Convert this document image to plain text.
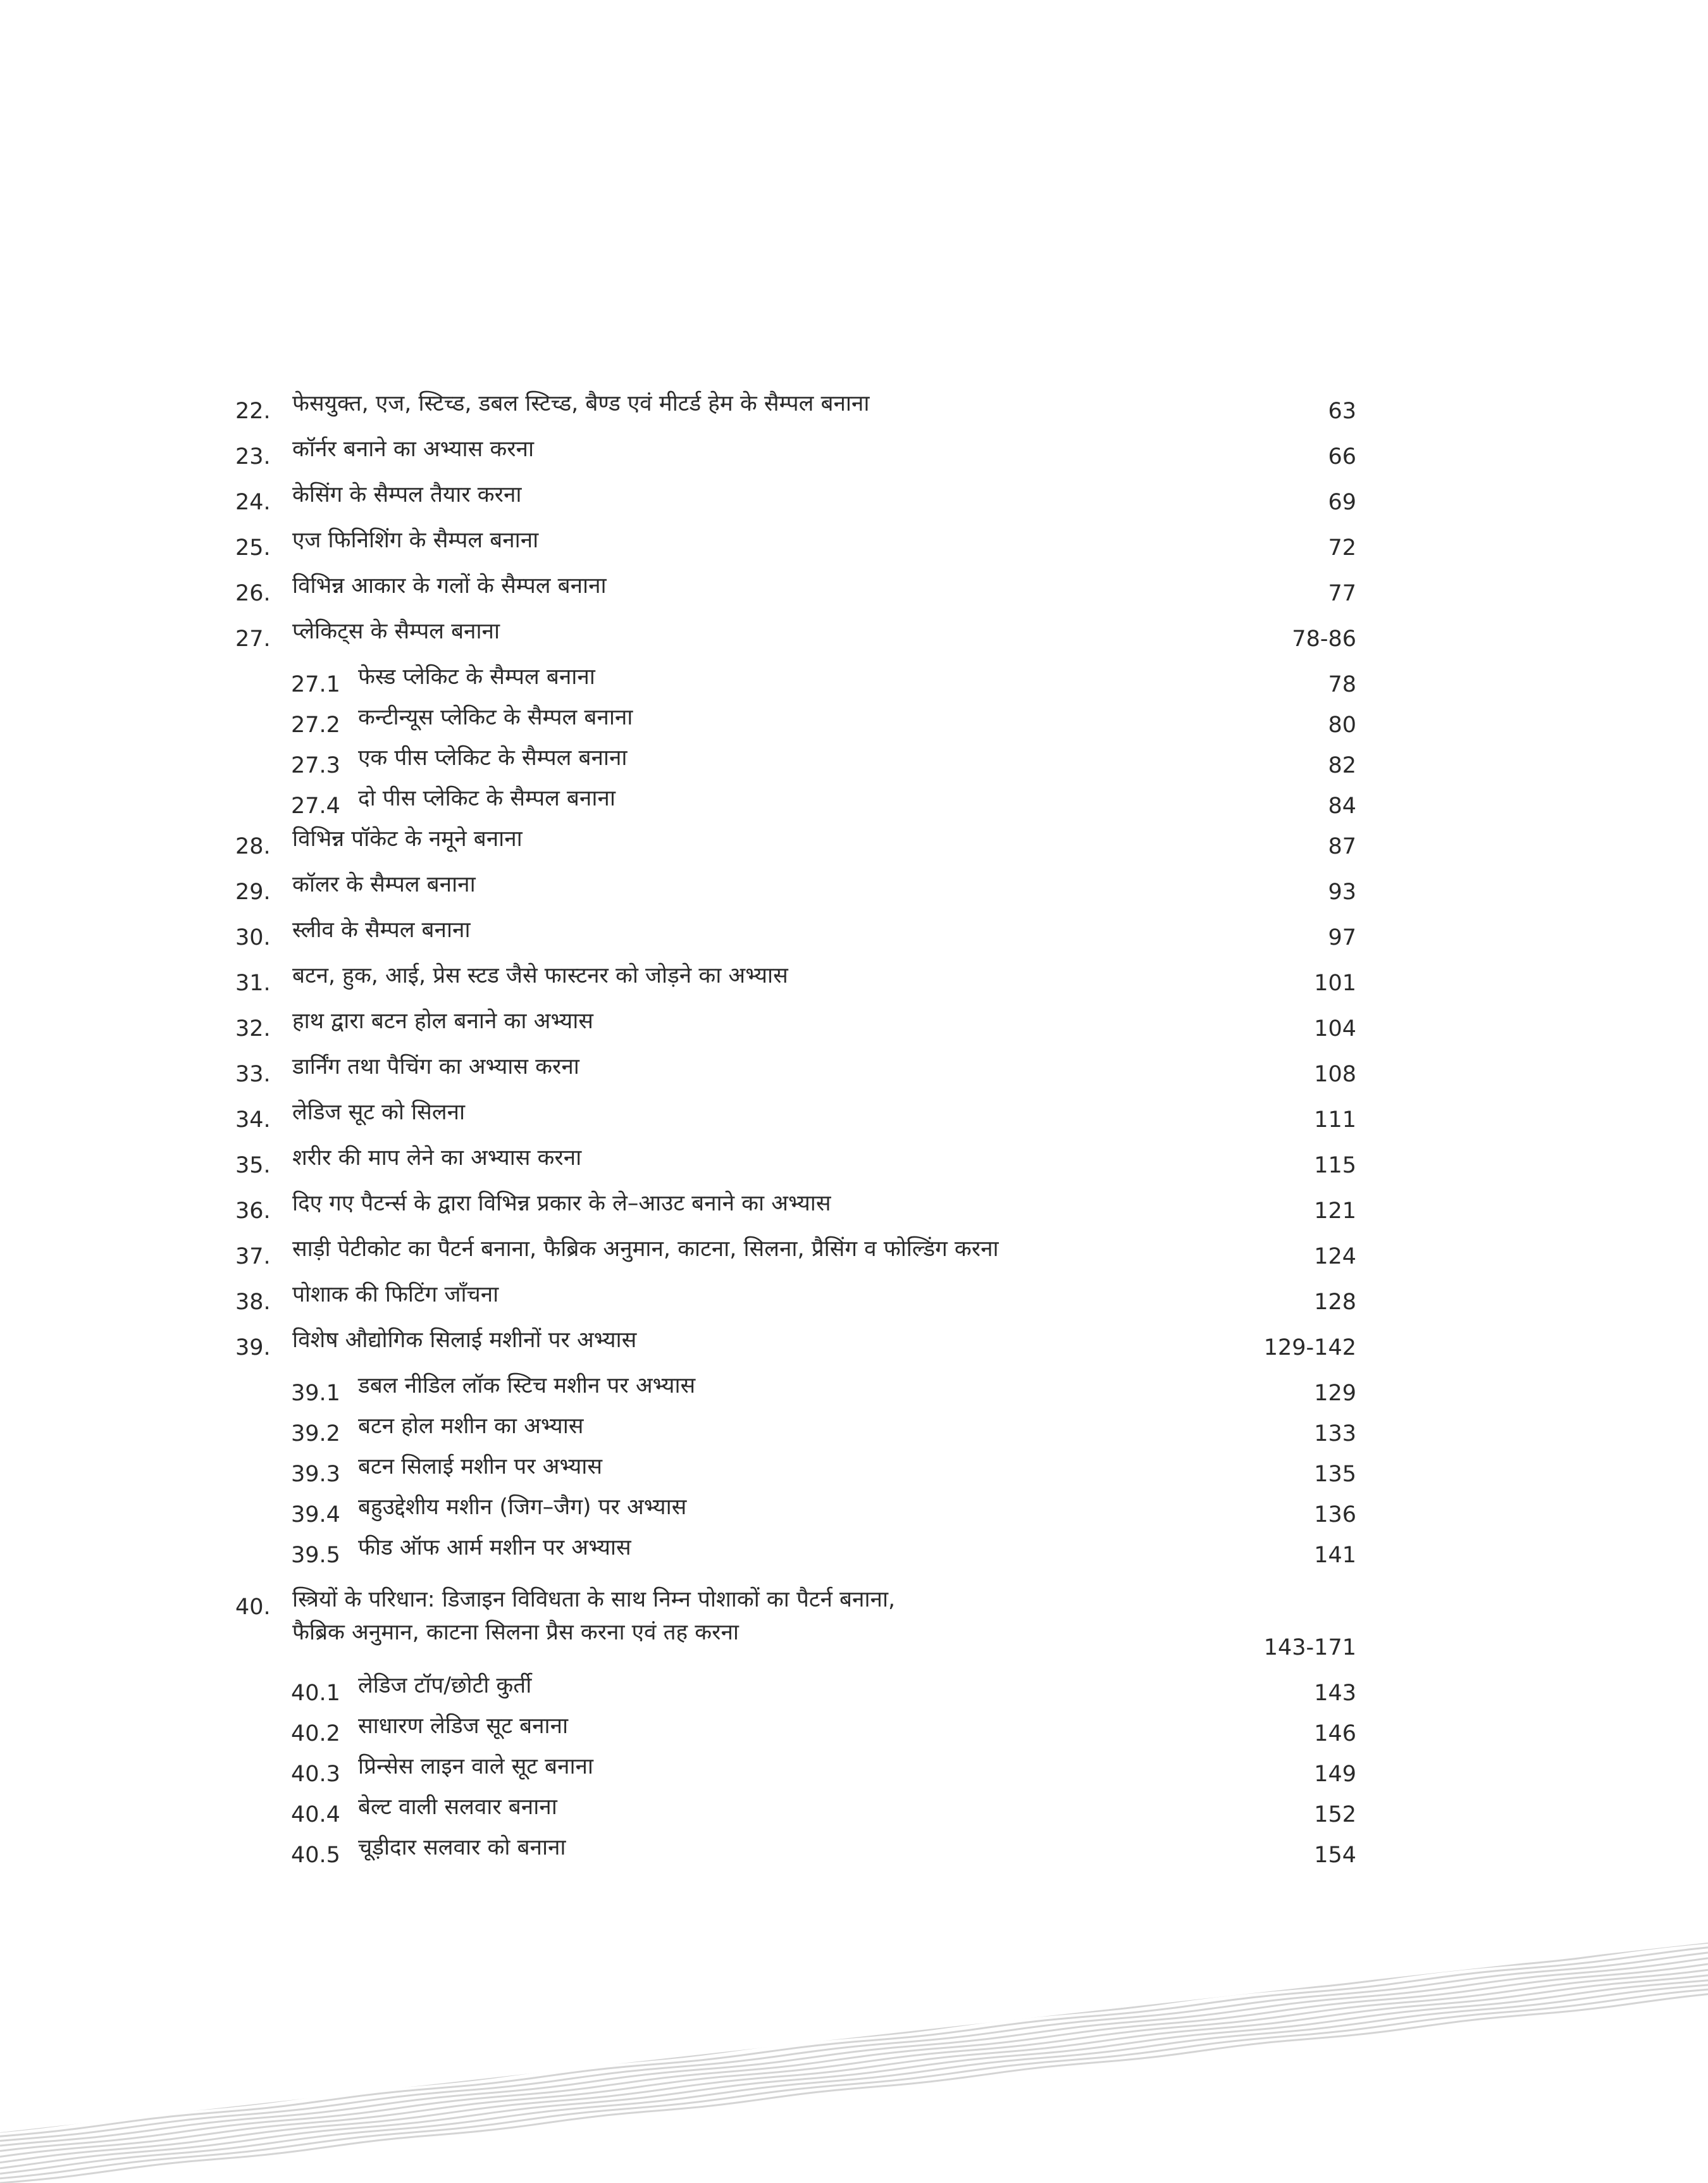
22. फेसयुक्त, एज, स्टिच्ड, डबल स्टिच्ड, बैण्ड एवं मीटर्ड हेम के सैम्पल बनाना	63
23. कॉर्नर बनाने का अभ्यास करना	66
24. केसिंग के सैम्पल तैयार करना	69
25. एज फिनिशिंग के सैम्पल बनाना	72
26. विभिन्न आकार के गलों के सैम्पल बनाना	77
27. प्लेकिट्स के सैम्पल बनाना	78-86
27.1 फेस्ड प्लेकिट के सैम्पल बनाना	78
27.2 कन्टीन्यूस प्लेकिट के सैम्पल बनाना	80
27.3 एक पीस प्लेकिट के सैम्पल बनाना	82
27.4 दो पीस प्लेकिट के सैम्पल बनाना	84
28. विभिन्न पॉकेट के नमूने बनाना	87
29. कॉलर के सैम्पल बनाना	93
30. स्लीव के सैम्पल बनाना	97
31. बटन, हुक, आई, प्रेस स्टड जैसे फास्टनर को जोड़ने का अभ्यास	101
32. हाथ द्वारा बटन होल बनाने का अभ्यास	104
33. डार्निंग तथा पैचिंग का अभ्यास करना	108
34. लेडिज सूट को सिलना	111
35. शरीर की माप लेने का अभ्यास करना	115
36. दिए गए पैटर्न्स के द्वारा विभिन्न प्रकार के ले–आउट बनाने का अभ्यास	121
37. साड़ी पेटीकोट का पैटर्न बनाना, फैब्रिक अनुमान, काटना, सिलना, प्रैसिंग व फोल्डिंग करना	124
38. पोशाक की फिटिंग जाँचना	128
39. विशेष औद्योगिक सिलाई मशीनों पर अभ्यास	129-142
39.1 डबल नीडिल लॉक स्टिच मशीन पर अभ्यास	129
39.2 बटन होल मशीन का अभ्यास	133
39.3 बटन सिलाई मशीन पर अभ्यास	135
39.4 बहुउद्देशीय मशीन (जिग–जैग) पर अभ्यास	136
39.5 फीड ऑफ आर्म मशीन पर अभ्यास	141
40. स्त्रियों के परिधान: डिजाइन विविधता के साथ निम्न पोशाकों का पैटर्न बनाना,
फैब्रिक अनुमान, काटना सिलना प्रैस करना एवं तह करना
143-171
40.1 लेडिज टॉप/छोटी कुर्ती	143
40.2 साधारण लेडिज सूट बनाना	146
40.3 प्रिन्सेस लाइन वाले सूट बनाना	149
40.4 बेल्ट वाली सलवार बनाना	152
40.5 चूड़ीदार सलवार को बनाना	154
